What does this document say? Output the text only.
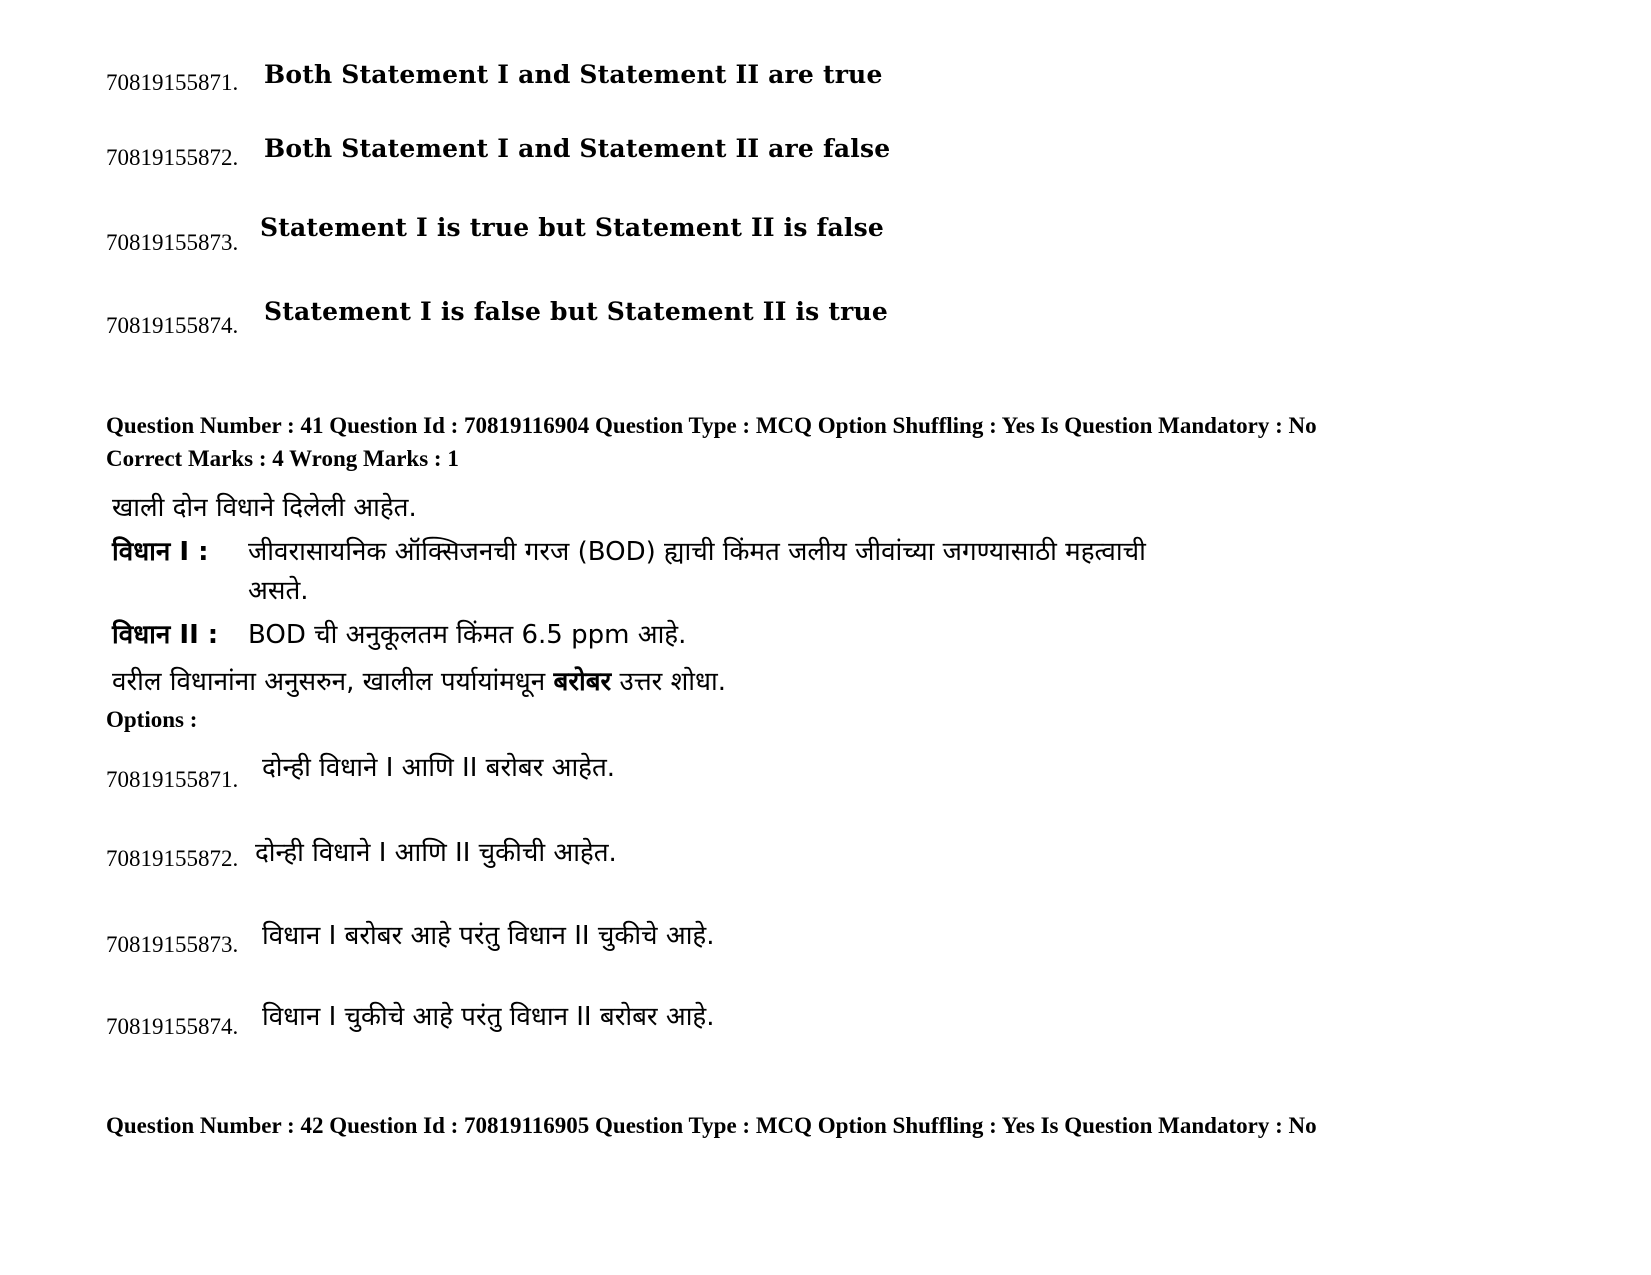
70819155871. Both Statement I and Statement II are true
70819155872. Both Statement I and Statement II are false
70819155873.
Statement I is true but Statement II is false
70819155874. Statement I is false but Statement II is true
Question Number : 41 Question Id : 70819116904 Question Type : MCQ Option Shuffling : Yes Is Question Mandatory : No
Correct Marks : 4 Wrong Marks : 1
खाली दोन विधाने दिलेली आहेत.
विधान I : जीवरासायनिक ऑक्सिजनची गरज (BOD) ह्याची किंमत जलीय जीवांच्या जगण्यासाठी महत्वाची
असते.
विधान II : BOD ची अनुकूलतम किंमत 6.5 ppm आहे.
वरील विधानांना अनुसरुन, खालील पर्यायांमधून बरोबर उत्तर शोधा.
Options :
70819155871. दोन्ही विधाने I आणि II बरोबर आहेत.
70819155872. दोन्ही विधाने I आणि II चुकीची आहेत.
70819155873. विधान I बरोबर आहे परंतु विधान II चुकीचे आहे.
70819155874. विधान I चुकीचे आहे परंतु विधान II बरोबर आहे.
Question Number : 42 Question Id : 70819116905 Question Type : MCQ Option Shuffling : Yes Is Question Mandatory : No
